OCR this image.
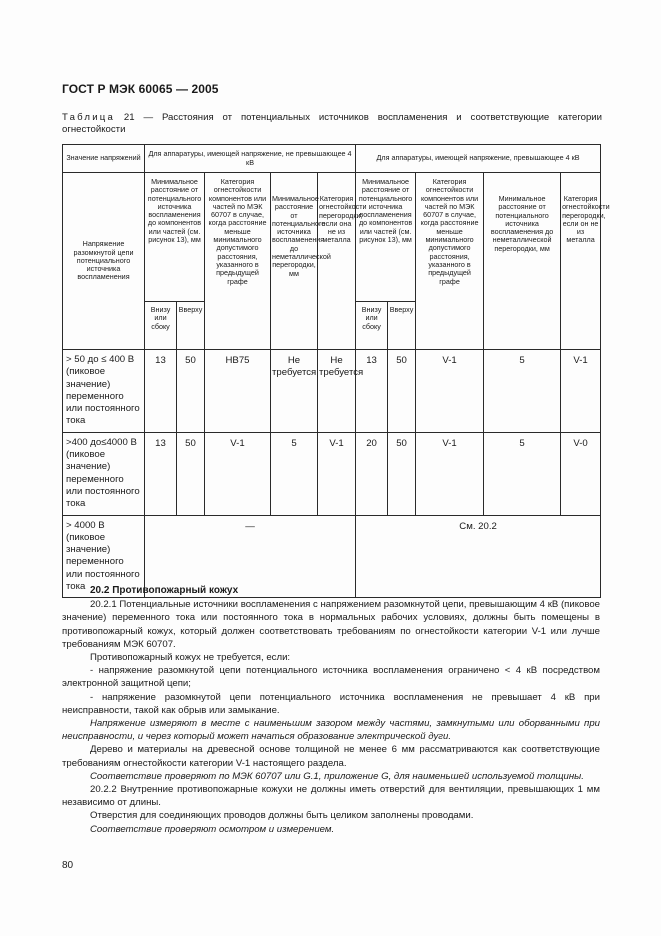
ГОСТ Р МЭК 60065 — 2005
Таблица 21 — Расстояния от потенциальных источников воспламенения и соответствующие категории огнестойкости
Значение напряжений	Для аппаратуры, имеющей напряжение, не превышающее 4 кВ					Для аппаратуры, имеющей напряжение, превышающее 4 кВ				
Напряжение разомкнутой цепи потенциального источника воспламенения	Минимальное расстояние от потенциального источника воспламенения до компонентов или частей (см. рисунок 13), мм		Категория огнестойкости компонентов или частей по МЭК 60707 в случае, когда расстояние меньше минимального допустимого расстояния, указанного в предыдущей графе	Минимальное расстояние от потенциального источника воспламенения до неметаллической перегородки, мм	Категория огнестойкости перегородки, если она не из металла	Минимальное расстояние от потенциального источника воспламенения до компонентов или частей (см. рисунок 13), мм		Категория огнестойкости компонентов или частей по МЭК 60707 в случае, когда расстояние меньше минимального допустимого расстояния, указанного в предыдущей графе	Минимальное расстояние от потенциального источника воспламенения до неметаллической перегородки, мм	Категория огнестойкости перегородки, если он не из металла
	Внизу или сбоку	Вверху				Внизу или сбоку	Вверху			
> 50 до ≤ 400 В (пиковое значение) переменного или постоянного тока	13	50	HB75	Не требуется	Не требуется	13	50	V-1	5	V-1
>400 до≤4000 В (пиковое значение) переменного или постоянного тока	13	50	V-1	5	V-1	20	50	V-1	5	V-0
> 4000 В (пиковое значение) переменного или постоянного тока	—					См. 20.2				

20.2 Противопожарный кожух

20.2.1 Потенциальные источники воспламенения с напряжением разомкнутой цепи, превышающим 4 кВ (пиковое значение) переменного тока или постоянного тока в нормальных рабочих условиях, должны быть помещены в противопожарный кожух, который должен соответствовать требованиям по огнестойкости категории V-1 или лучше требованиям МЭК 60707.

Противопожарный кожух не требуется, если:

- напряжение разомкнутой цепи потенциального источника воспламенения ограничено < 4 кВ посредством электронной защитной цепи;

- напряжение разомкнутой цепи потенциального источника воспламенения не превышает 4 кВ при неисправности, такой как обрыв или замыкание.

Напряжение измеряют в месте с наименьшим зазором между частями, замкнутыми или оборванными при неисправности, и через который может начаться образование электрической дуги.

Дерево и материалы на древесной основе толщиной не менее 6 мм рассматриваются как соответствующие требованиям огнестойкости категории V-1 настоящего раздела.

Соответствие проверяют по МЭК 60707 или G.1, приложение G, для наименьшей используемой толщины.

20.2.2 Внутренние противопожарные кожухи не должны иметь отверстий для вентиляции, превышающих 1 мм независимо от длины.

Отверстия для соединяющих проводов должны быть целиком заполнены проводами.

Соответствие проверяют осмотром и измерением.

80
